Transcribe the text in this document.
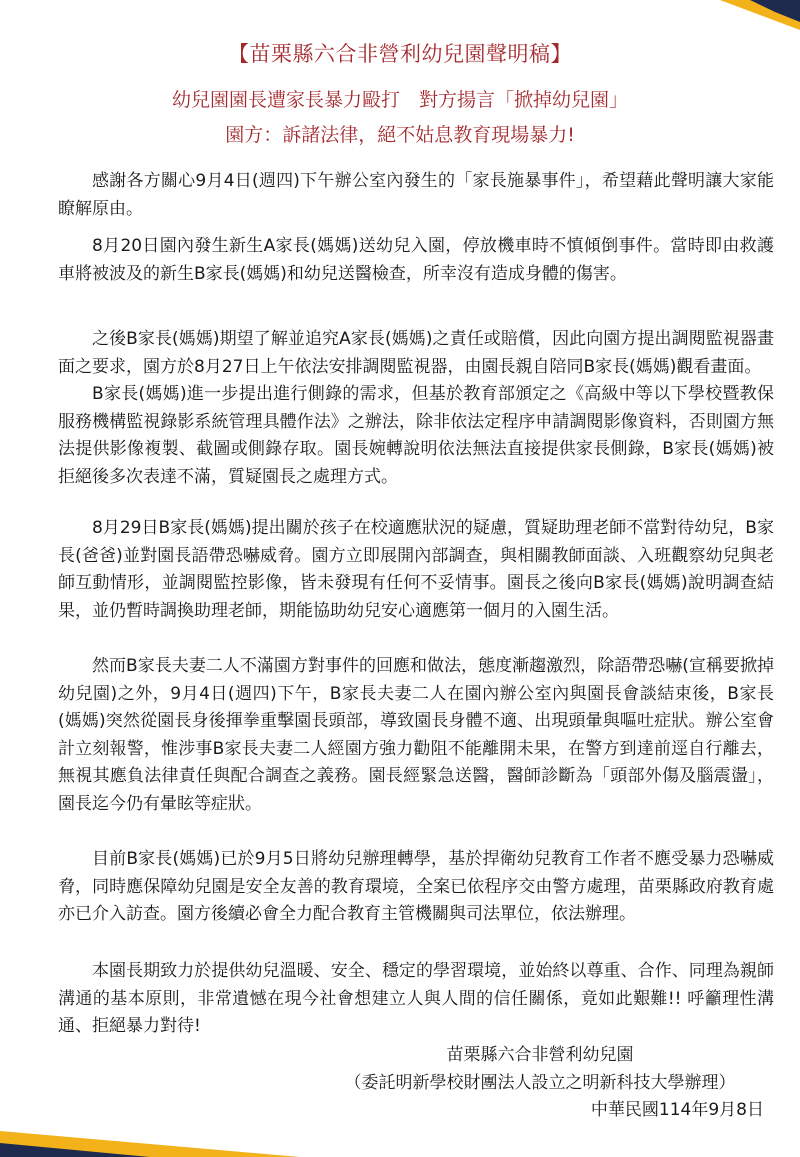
【苗栗縣六合非營利幼兒園聲明稿】
幼兒園園長遭家長暴力毆打　對方揚言「掀掉幼兒園」
園方：訴諸法律，絕不姑息教育現場暴力!

感謝各方關心9月4日(週四)下午辦公室內發生的「家長施暴事件」，希望藉此聲明讓大家能瞭解原由。

8月20日園內發生新生A家長(媽媽)送幼兒入園，停放機車時不慎傾倒事件。當時即由救護車將被波及的新生B家長(媽媽)和幼兒送醫檢查，所幸沒有造成身體的傷害。

之後B家長(媽媽)期望了解並追究A家長(媽媽)之責任或賠償，因此向園方提出調閱監視器畫面之要求，園方於8月27日上午依法安排調閱監視器，由園長親自陪同B家長(媽媽)觀看畫面。

B家長(媽媽)進一步提出進行側錄的需求，但基於教育部頒定之《高級中等以下學校暨教保服務機構監視錄影系統管理具體作法》之辦法，除非依法定程序申請調閱影像資料，否則園方無法提供影像複製、截圖或側錄存取。園長婉轉說明依法無法直接提供家長側錄，B家長(媽媽)被拒絕後多次表達不滿，質疑園長之處理方式。

8月29日B家長(媽媽)提出關於孩子在校適應狀況的疑慮，質疑助理老師不當對待幼兒，B家長(爸爸)並對園長語帶恐嚇威脅。園方立即展開內部調查，與相關教師面談、入班觀察幼兒與老師互動情形，並調閱監控影像，皆未發現有任何不妥情事。園長之後向B家長(媽媽)說明調查結果，並仍暫時調換助理老師，期能協助幼兒安心適應第一個月的入園生活。

然而B家長夫妻二人不滿園方對事件的回應和做法，態度漸趨激烈，除語帶恐嚇(宣稱要掀掉幼兒園)之外，9月4日(週四)下午，B家長夫妻二人在園內辦公室內與園長會談結束後，B家長(媽媽)突然從園長身後揮拳重擊園長頭部，導致園長身體不適、出現頭暈與嘔吐症狀。辦公室會計立刻報警，惟涉事B家長夫妻二人經園方強力勸阻不能離開未果，在警方到達前逕自行離去，無視其應負法律責任與配合調查之義務。園長經緊急送醫，醫師診斷為「頭部外傷及腦震盪」，園長迄今仍有暈眩等症狀。

目前B家長(媽媽)已於9月5日將幼兒辦理轉學，基於捍衛幼兒教育工作者不應受暴力恐嚇威脅，同時應保障幼兒園是安全友善的教育環境，全案已依程序交由警方處理，苗栗縣政府教育處亦已介入訪查。園方後續必會全力配合教育主管機關與司法單位，依法辦理。

本園長期致力於提供幼兒溫暖、安全、穩定的學習環境，並始終以尊重、合作、同理為親師溝通的基本原則，非常遺憾在現今社會想建立人與人間的信任關係，竟如此艱難!! 呼籲理性溝通、拒絕暴力對待!

苗栗縣六合非營利幼兒園
（委託明新學校財團法人設立之明新科技大學辦理）
中華民國114年9月8日
